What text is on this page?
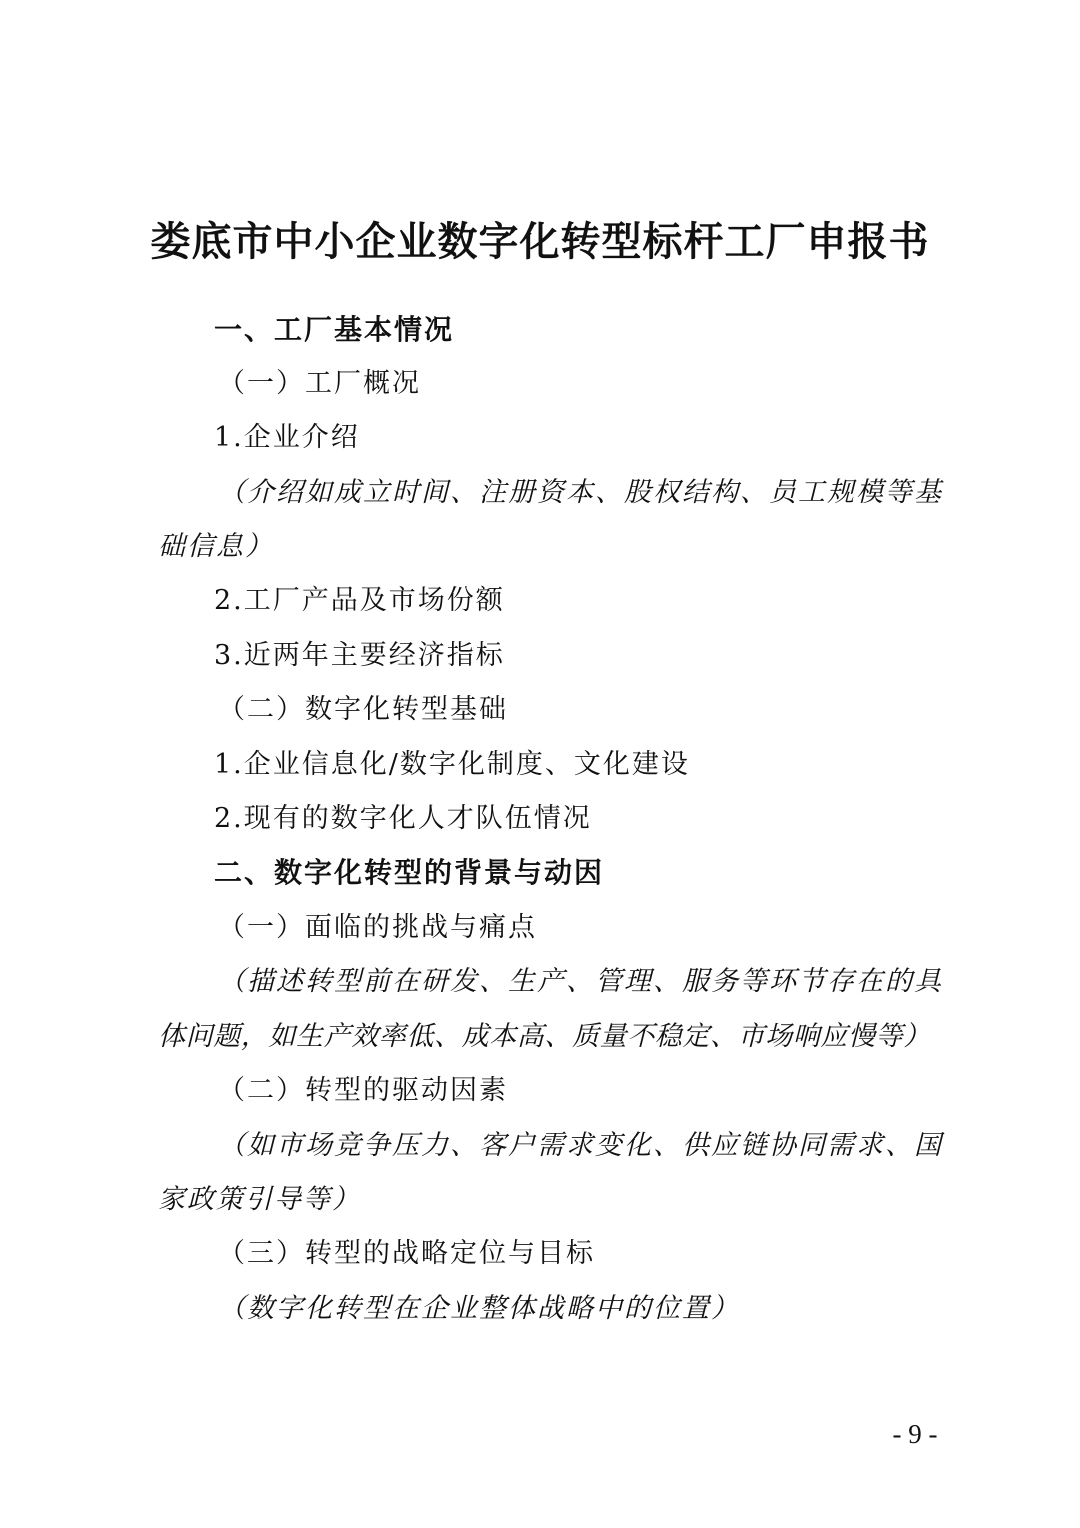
娄底市中小企业数字化转型标杆工厂申报书
一、工厂基本情况
（一）工厂概况
1.企业介绍
（介绍如成立时间、注册资本、股权结构、员工规模等基
础信息）
2.工厂产品及市场份额
3.近两年主要经济指标
（二）数字化转型基础
1.企业信息化/数字化制度、文化建设
2.现有的数字化人才队伍情况
二、数字化转型的背景与动因
（一）面临的挑战与痛点
（描述转型前在研发、生产、管理、服务等环节存在的具
体问题，如生产效率低、成本高、质量不稳定、市场响应慢等）
（二）转型的驱动因素
（如市场竞争压力、客户需求变化、供应链协同需求、国
家政策引导等）
（三）转型的战略定位与目标
（数字化转型在企业整体战略中的位置）
- 9 -
